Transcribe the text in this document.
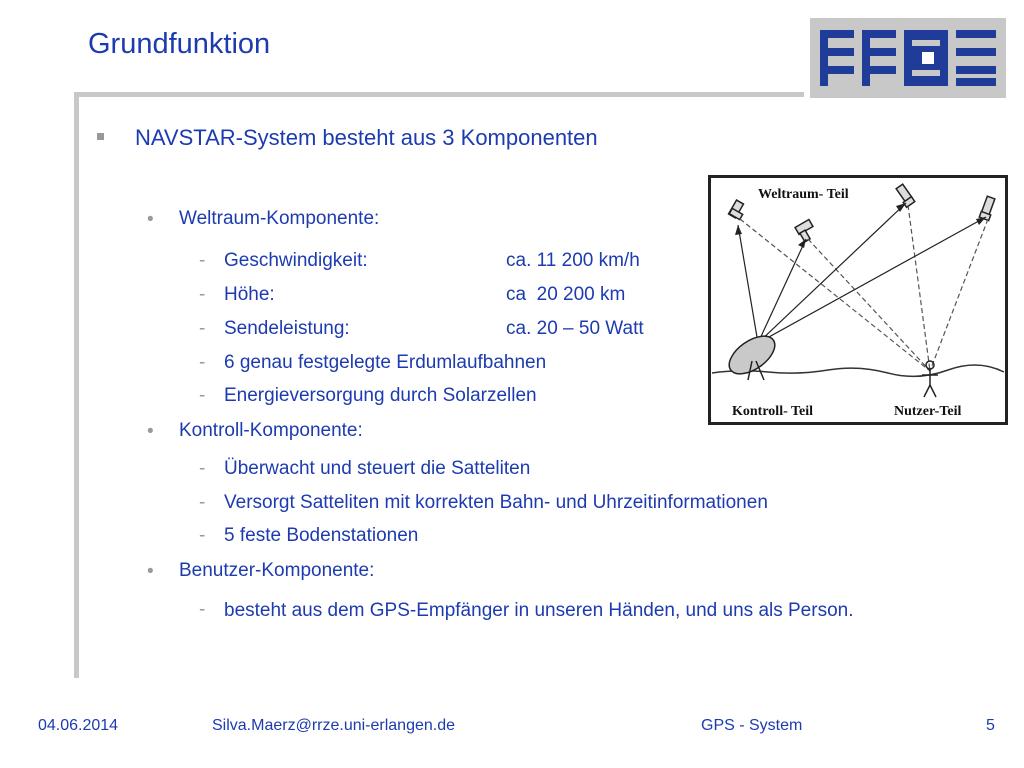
Grundfunktion
NAVSTAR-System besteht aus 3 Komponenten
• Weltraum-Komponente:
- Geschwindigkeit:	ca. 11 200 km/h
- Höhe:	ca  20 200 km
- Sendeleistung:	ca. 20 – 50 Watt
- 6 genau festgelegte Erdumlaufbahnen
- Energieversorgung durch Solarzellen
• Kontroll-Komponente:
- Überwacht und steuert die Satteliten
- Versorgt Satteliten mit korrekten Bahn- und Uhrzeitinformationen
- 5 feste Bodenstationen
• Benutzer-Komponente:
- besteht aus dem GPS-Empfänger in unseren Händen, und uns als Person.
Weltraum- Teil
Kontroll- Teil	Nutzer-Teil
04.06.2014	Silva.Maerz@rrze.uni-erlangen.de	GPS - System	5
